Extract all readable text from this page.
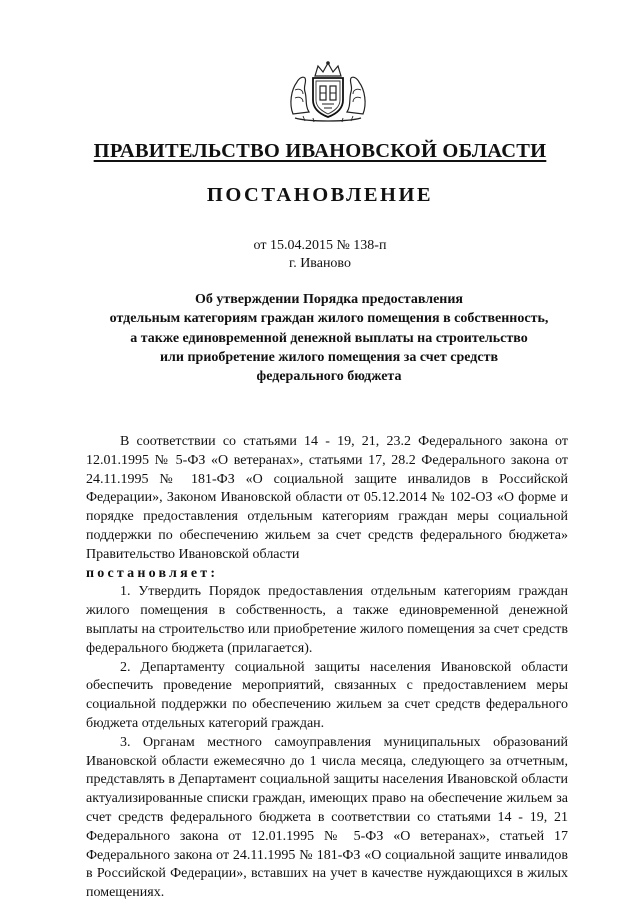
ПРАВИТЕЛЬСТВО ИВАНОВСКОЙ ОБЛАСТИ
ПОСТАНОВЛЕНИЕ
от 15.04.2015 № 138-п
г. Иваново
Об утверждении Порядка предоставления
отдельным категориям граждан жилого помещения в собственность,
а также единовременной денежной выплаты на строительство
или приобретение жилого помещения за счет средств
федерального бюджета

В соответствии со статьями 14 - 19, 21, 23.2 Федерального закона от 12.01.1995 № 5-ФЗ «О ветеранах», статьями 17, 28.2 Федерального закона от 24.11.1995 № 181-ФЗ «О социальной защите инвалидов в Российской Федерации», Законом Ивановской области от 05.12.2014 № 102-ОЗ «О форме и порядке предоставления отдельным категориям граждан меры социальной поддержки по обеспечению жильем за счет средств федерального бюджета» Правительство Ивановской области
постановляет:

1. Утвердить Порядок предоставления отдельным категориям граждан жилого помещения в собственность, а также единовременной денежной выплаты на строительство или приобретение жилого помещения за счет средств федерального бюджета (прилагается).

2. Департаменту социальной защиты населения Ивановской области обеспечить проведение мероприятий, связанных с предоставлением меры социальной поддержки по обеспечению жильем за счет средств федерального бюджета отдельных категорий граждан.

3. Органам местного самоуправления муниципальных образований Ивановской области ежемесячно до 1 числа месяца, следующего за отчетным, представлять в Департамент социальной защиты населения Ивановской области актуализированные списки граждан, имеющих право на обеспечение жильем за счет средств федерального бюджета в соответствии со статьями 14 - 19, 21 Федерального закона от 12.01.1995 № 5-ФЗ «О ветеранах», статьей 17 Федерального закона от 24.11.1995 № 181-ФЗ «О социальной защите инвалидов в Российской Федерации», вставших на учет в качестве нуждающихся в жилых помещениях.
